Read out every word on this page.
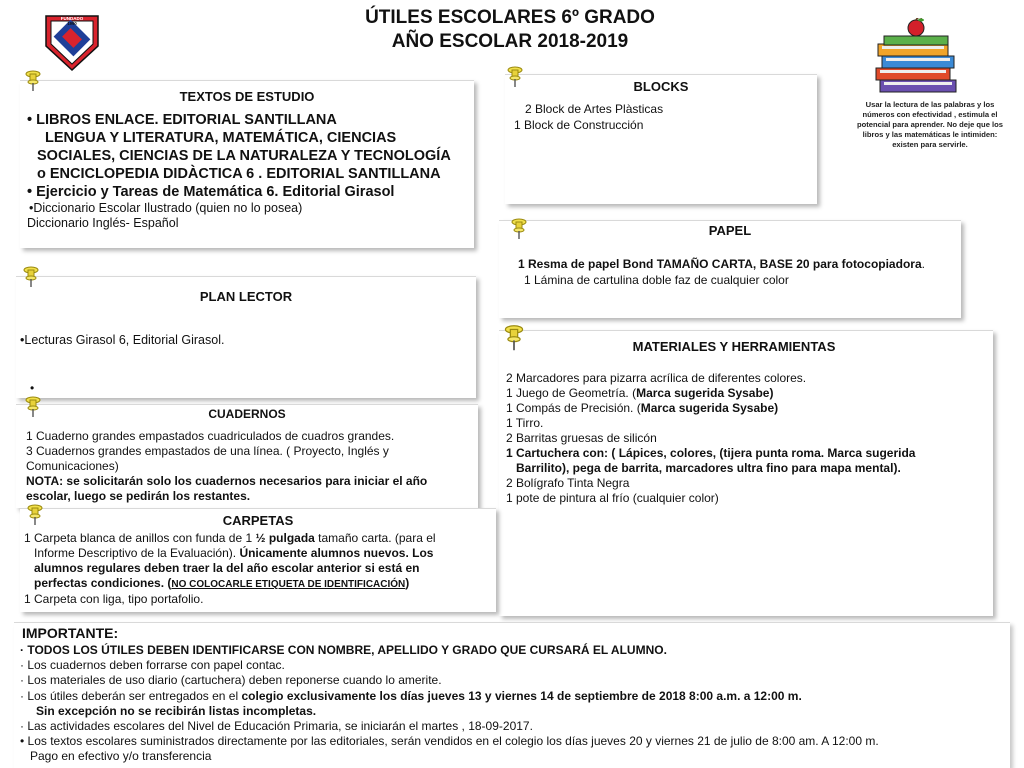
FUNDADO
1990	ÚTILES ESCOLARES 6º GRADO
AÑO ESCOLAR 2018-2019
Usar la lectura de las palabras y los números con efectividad , estimula el potencial para aprender. No deje que los libros y las matemáticas le intimiden: existen para servirle.
TEXTOS DE ESTUDIO
• LIBROS ENLACE. EDITORIAL SANTILLANA
LENGUA Y LITERATURA, MATEMÁTICA, CIENCIAS
SOCIALES, CIENCIAS DE LA NATURALEZA Y TECNOLOGÍA
o ENCICLOPEDIA DIDÀCTICA 6 . EDITORIAL SANTILLANA
• Ejercicio y Tareas de Matemática 6. Editorial Girasol
•Diccionario Escolar Ilustrado (quien no lo posea)
Diccionario Inglés- Español
BLOCKS
2 Block de Artes Plàsticas
1 Block de Construcción
PAPEL
1 Resma de papel Bond TAMAÑO CARTA, BASE 20 para fotocopiadora.
1 Lámina de cartulina doble faz de cualquier color
PLAN LECTOR
•Lecturas Girasol 6, Editorial Girasol.
•
MATERIALES Y HERRAMIENTAS
2 Marcadores para pizarra acrílica de diferentes colores.
1 Juego de Geometría. (Marca sugerida Sysabe)
1 Compás de Precisión. (Marca sugerida Sysabe)
1 Tirro.
2 Barritas gruesas de silicón
1 Cartuchera con: ( Lápices, colores, (tijera punta roma. Marca sugerida
Barrilito), pega de barrita, marcadores ultra fino para mapa mental).
2 Bolígrafo Tinta Negra
1 pote de pintura al frío (cualquier color)
CUADERNOS
1 Cuaderno grandes empastados cuadriculados de cuadros grandes.
3 Cuadernos grandes empastados de una línea. ( Proyecto, Inglés y
Comunicaciones)
NOTA: se solicitarán solo los cuadernos necesarios para iniciar el año
escolar, luego se pedirán los restantes.
CARPETAS
1 Carpeta blanca de anillos con funda de 1 ½ pulgada tamaño carta. (para el
Informe Descriptivo de la Evaluación). Únicamente alumnos nuevos. Los
alumnos regulares deben traer la del año escolar anterior si está en
perfectas condiciones. (NO COLOCARLE ETIQUETA DE IDENTIFICACIÓN)
1 Carpeta con liga, tipo portafolio.
IMPORTANTE:
· TODOS LOS ÚTILES DEBEN IDENTIFICARSE CON NOMBRE, APELLIDO Y GRADO QUE CURSARÁ EL ALUMNO.
· Los cuadernos deben forrarse con papel contac.
· Los materiales de uso diario (cartuchera) deben reponerse cuando lo amerite.
· Los útiles deberán ser entregados en el colegio exclusivamente los días jueves 13 y viernes 14 de septiembre de 2018 8:00 a.m. a 12:00 m.
Sin excepción no se recibirán listas incompletas.
· Las actividades escolares del Nivel de Educación Primaria, se iniciarán el martes , 18-09-2017.
• Los textos escolares suministrados directamente por las editoriales, serán vendidos en el colegio los días jueves 20 y viernes 21 de julio de 8:00 am. A 12:00 m.
Pago en efectivo y/o transferencia
